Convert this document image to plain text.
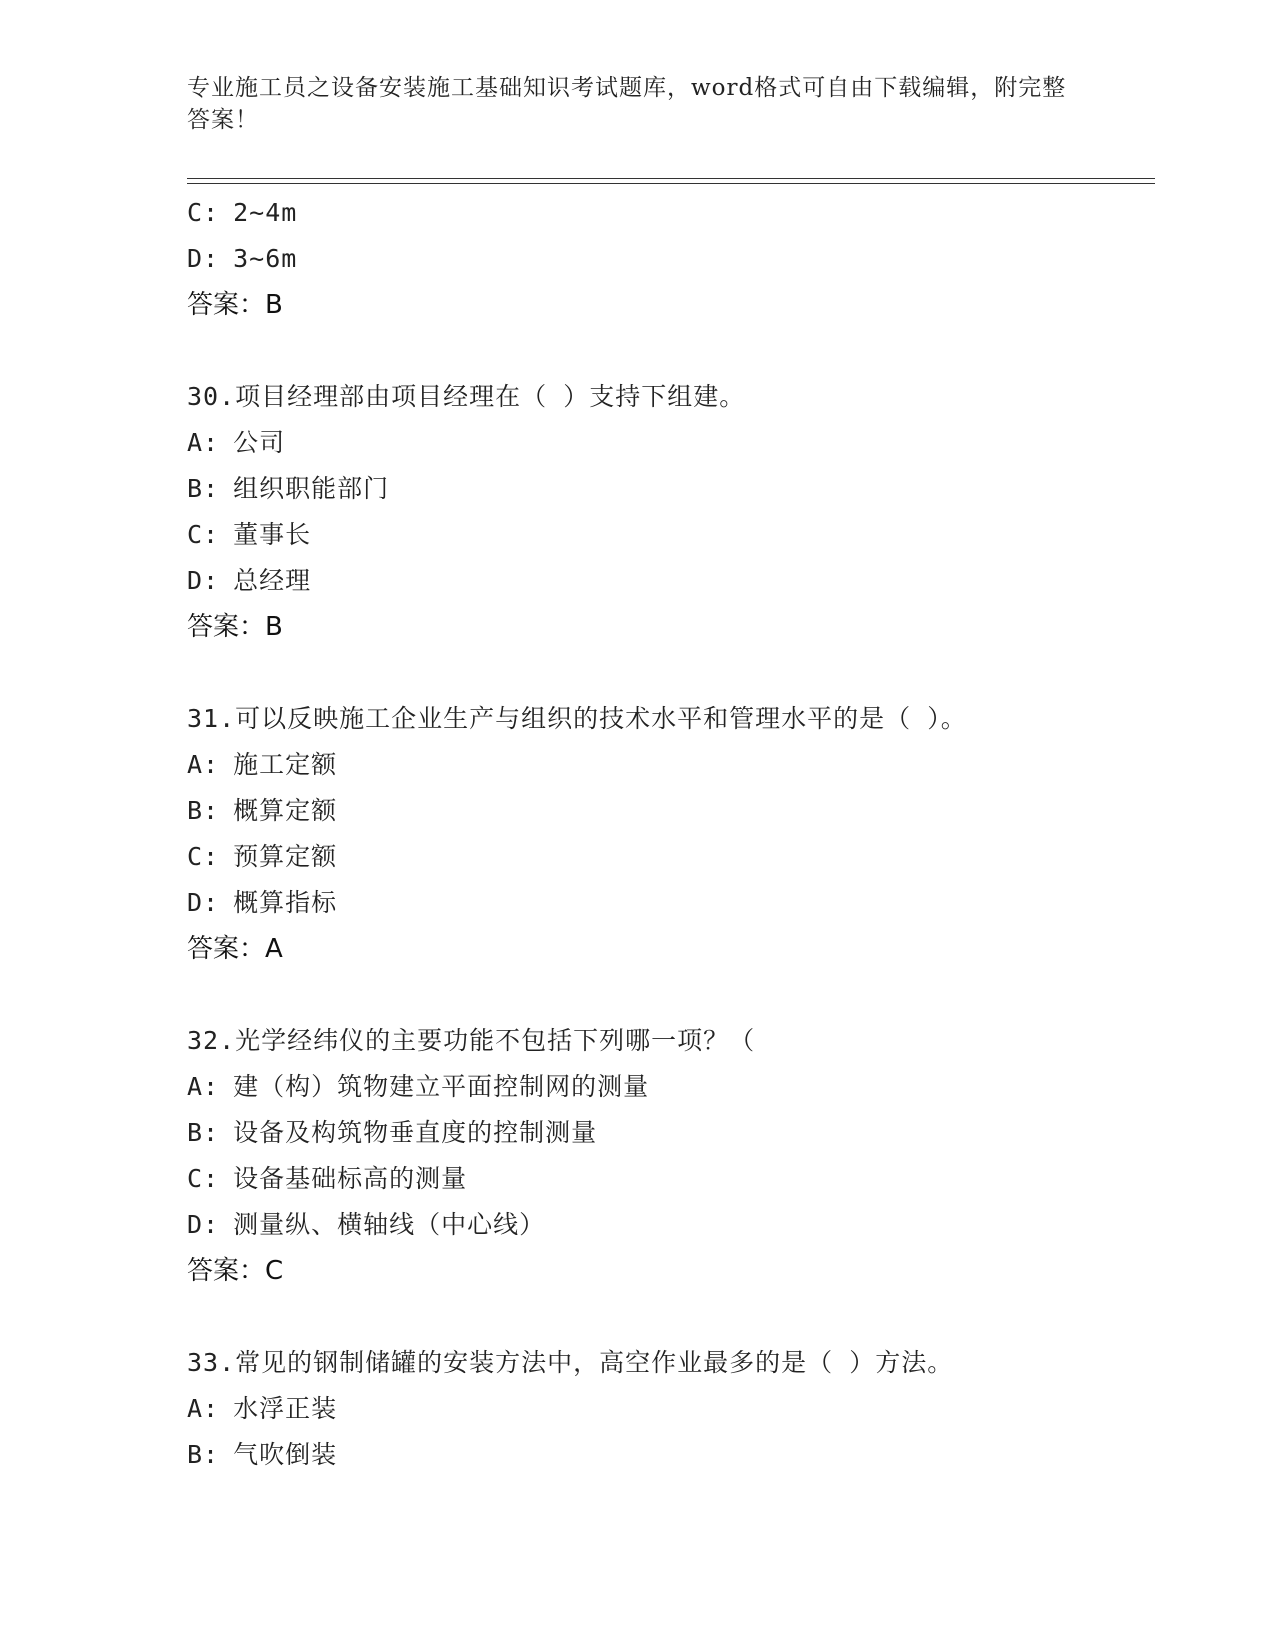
专业施工员之设备安装施工基础知识考试题库，word格式可自由下载编辑，附完整答案！
C: 2~4m
D: 3~6m
答案：B
30.项目经理部由项目经理在（ ）支持下组建。
A: 公司
B: 组织职能部门
C: 董事长
D: 总经理
答案：B
31.可以反映施工企业生产与组织的技术水平和管理水平的是（ ）。
A: 施工定额
B: 概算定额
C: 预算定额
D: 概算指标
答案：A
32.光学经纬仪的主要功能不包括下列哪一项？（
A: 建（构）筑物建立平面控制网的测量
B: 设备及构筑物垂直度的控制测量
C: 设备基础标高的测量
D: 测量纵、横轴线（中心线）
答案：C
33.常见的钢制储罐的安装方法中，高空作业最多的是（ ）方法。
A: 水浮正装
B: 气吹倒装
